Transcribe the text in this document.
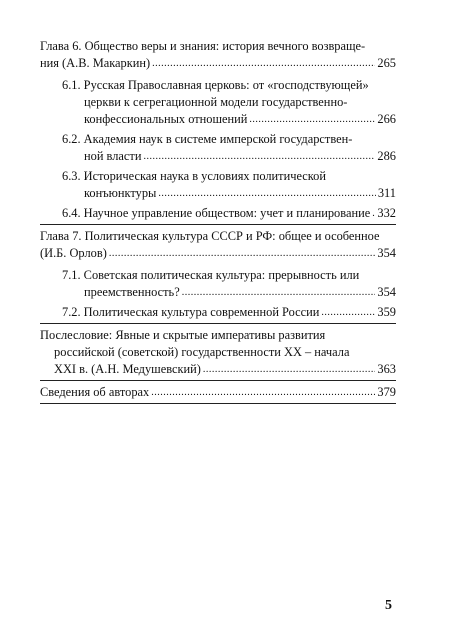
Глава 6. Общество веры и знания: история вечного возвраще-
ния (А.В. Макаркин) .....	265
6.1. Русская Православная церковь: от «господствующей»
церкви к сегрегационной модели государственно-
конфессиональных отношений .....	266
6.2. Академия наук в системе имперской государствен-
ной власти .....	286
6.3. Историческая наука в условиях политической
конъюнктуры .....	311
6.4. Научное управление обществом: учет и планирование ..... 332
Глава 7. Политическая культура СССР и РФ: общее и особенное
(И.Б. Орлов) .....	354
7.1. Советская политическая культура: прерывность или
преемственность? .....	354
7.2. Политическая культура современной России .....	359
Послесловие: Явные и скрытые императивы развития
российской (советской) государственности XX – начала
XXI в. (А.Н. Медушевский) .....	363
Сведения об авторах .....	379
5
